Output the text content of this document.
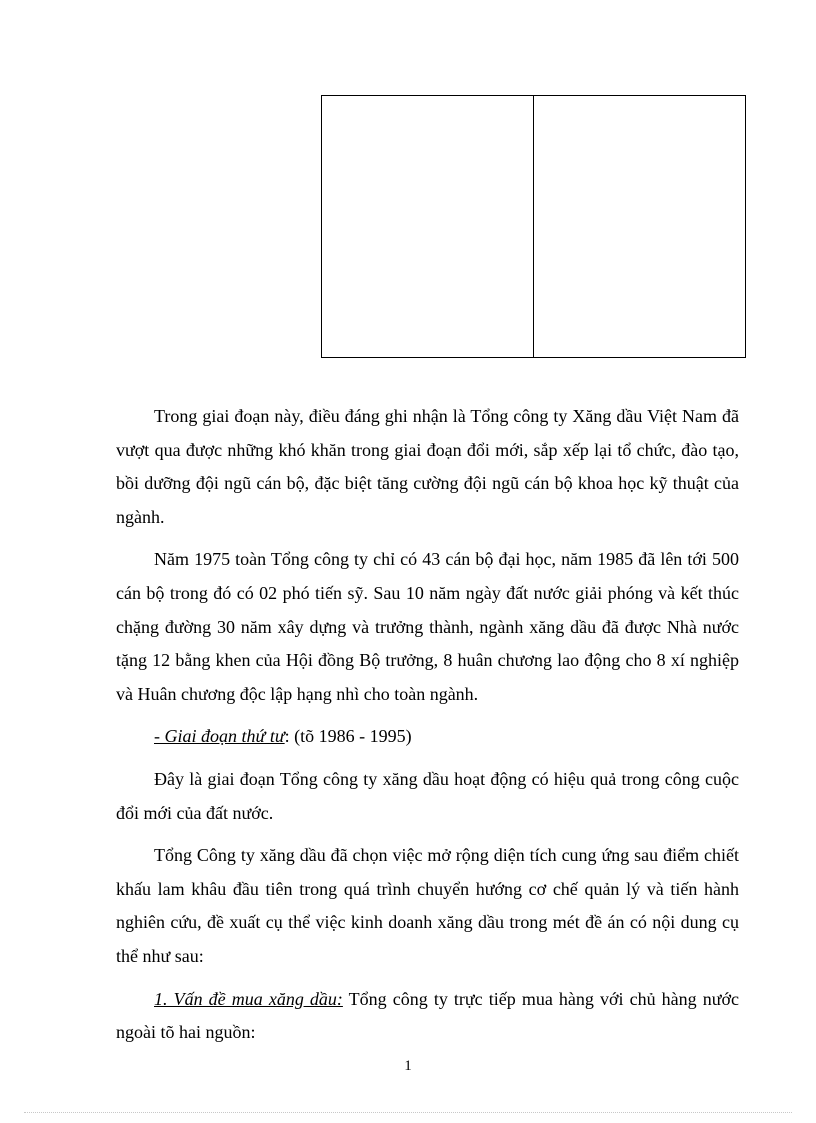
Trong giai đoạn này, điều đáng ghi nhận là Tổng công ty Xăng dầu Việt Nam đã vượt qua được những khó khăn trong giai đoạn đổi mới, sắp xếp lại tổ chức, đào tạo, bồi dưỡng đội ngũ cán bộ, đặc biệt tăng cường đội ngũ cán bộ khoa học kỹ thuật của ngành.

Năm 1975 toàn Tổng công ty chỉ có 43 cán bộ đại học, năm 1985 đã lên tới 500 cán bộ trong đó có 02 phó tiến sỹ. Sau 10 năm ngày đất nước giải phóng và kết thúc chặng đường 30 năm xây dựng và trưởng thành, ngành xăng dầu đã được Nhà nước tặng 12 bằng khen của Hội đồng Bộ trưởng, 8 huân chương lao động cho 8 xí nghiệp và Huân chương độc lập hạng nhì cho toàn ngành.

- Giai đoạn thứ tư: (tõ 1986 - 1995)

Đây là giai đoạn Tổng công ty xăng dầu hoạt động có hiệu quả trong công cuộc đổi mới của đất nước.

Tổng Công ty xăng dầu đã chọn việc mở rộng diện tích cung ứng sau điểm chiết khấu lam khâu đầu tiên trong quá trình chuyển hướng cơ chế quản lý và tiến hành nghiên cứu, đề xuất cụ thể việc kinh doanh xăng dầu trong mét đề án có nội dung cụ thể như sau:

1. Vấn đề mua xăng dầu: Tổng công ty trực tiếp mua hàng với chủ hàng nước ngoài tõ hai nguồn:

1
